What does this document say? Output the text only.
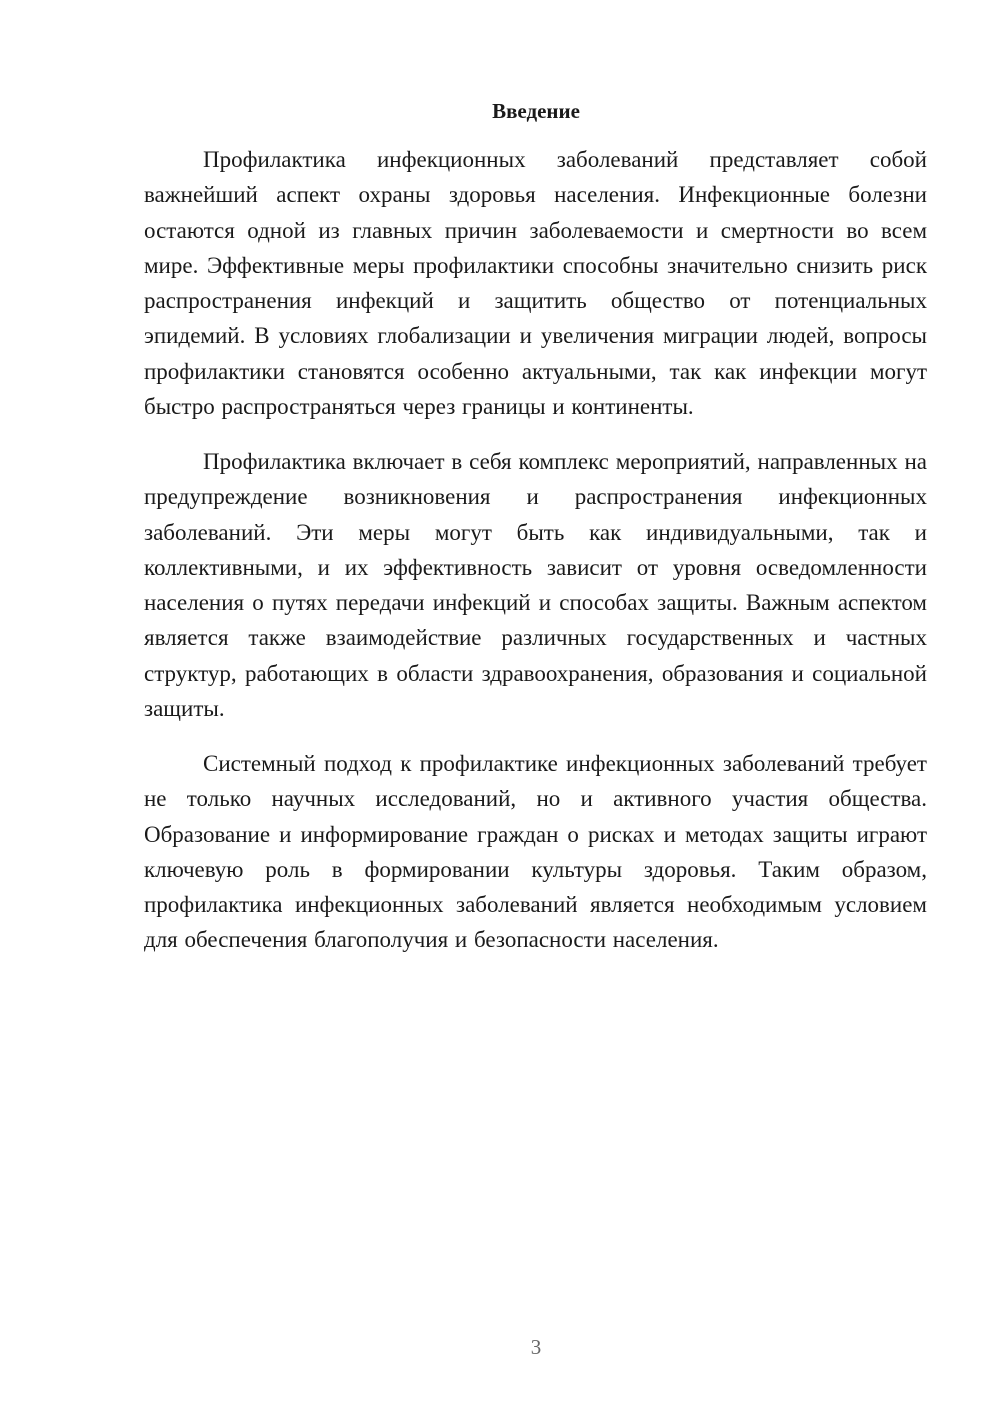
Введение

Профилактика инфекционных заболеваний представляет собой важнейший аспект охраны здоровья населения. Инфекционные болезни остаются одной из главных причин заболеваемости и смертности во всем мире. Эффективные меры профилактики способны значительно снизить риск распространения инфекций и защитить общество от потенциальных эпидемий. В условиях глобализации и увеличения миграции людей, вопросы профилактики становятся особенно актуальными, так как инфекции могут быстро распространяться через границы и континенты.

Профилактика включает в себя комплекс мероприятий, направленных на предупреждение возникновения и распространения инфекционных заболеваний. Эти меры могут быть как индивидуальными, так и коллективными, и их эффективность зависит от уровня осведомленности населения о путях передачи инфекций и способах защиты. Важным аспектом является также взаимодействие различных государственных и частных структур, работающих в области здравоохранения, образования и социальной защиты.

Системный подход к профилактике инфекционных заболеваний требует не только научных исследований, но и активного участия общества. Образование и информирование граждан о рисках и методах защиты играют ключевую роль в формировании культуры здоровья. Таким образом, профилактика инфекционных заболеваний является необходимым условием для обеспечения благополучия и безопасности населения.

3
